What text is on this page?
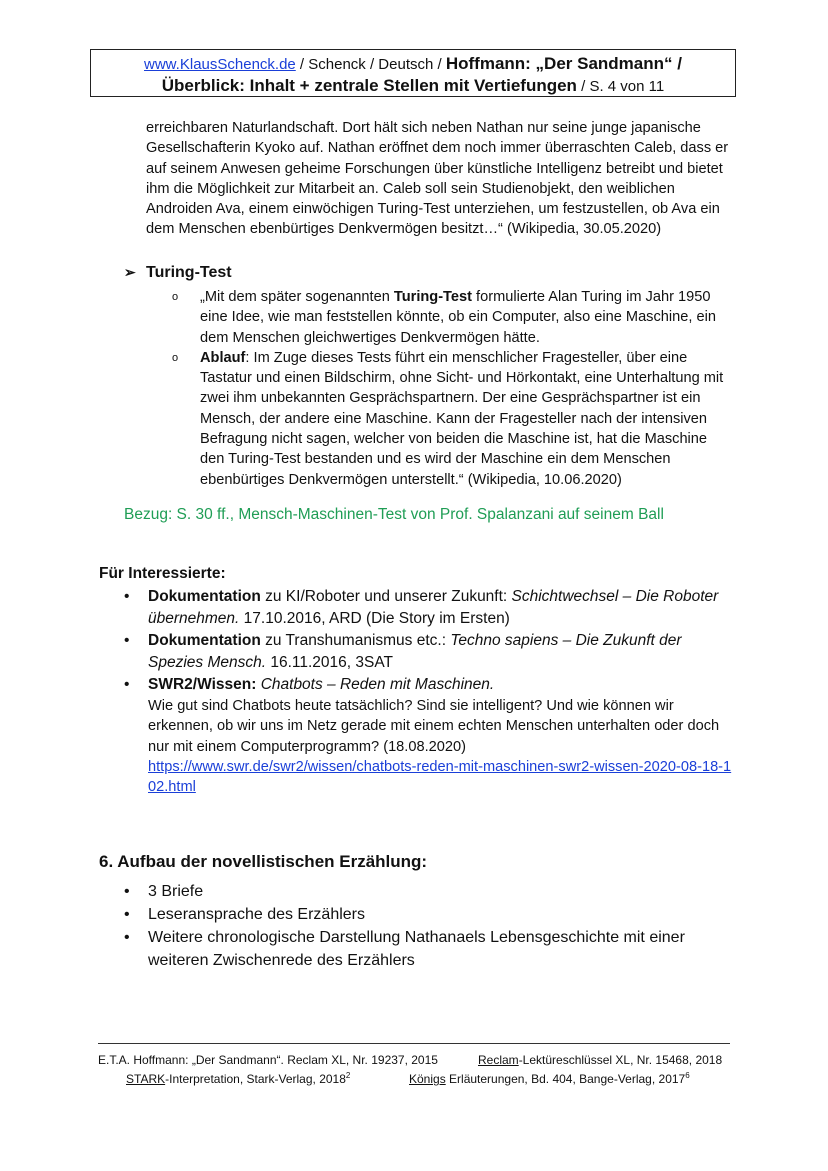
www.KlausSchenck.de / Schenck / Deutsch / Hoffmann: „Der Sandmann“ /
Überblick: Inhalt + zentrale Stellen mit Vertiefungen / S. 4 von 11
erreichbaren Naturlandschaft. Dort hält sich neben Nathan nur seine junge japanische Gesellschafterin Kyoko auf. Nathan eröffnet dem noch immer überraschten Caleb, dass er auf seinem Anwesen geheime Forschungen über künstliche Intelligenz betreibt und bietet ihm die Möglichkeit zur Mitarbeit an. Caleb soll sein Studienobjekt, den weiblichen Androiden Ava, einem einwöchigen Turing-Test unterziehen, um festzustellen, ob Ava ein dem Menschen ebenbürtiges Denkvermögen besitzt…“ (Wikipedia, 30.05.2020)
➢ Turing-Test
o „Mit dem später sogenannten Turing-Test formulierte Alan Turing im Jahr 1950 eine Idee, wie man feststellen könnte, ob ein Computer, also eine Maschine, ein dem Menschen gleichwertiges Denkvermögen hätte.
o Ablauf: Im Zuge dieses Tests führt ein menschlicher Fragesteller, über eine Tastatur und einen Bildschirm, ohne Sicht- und Hörkontakt, eine Unterhaltung mit zwei ihm unbekannten Gesprächspartnern. Der eine Gesprächspartner ist ein Mensch, der andere eine Maschine. Kann der Fragesteller nach der intensiven Befragung nicht sagen, welcher von beiden die Maschine ist, hat die Maschine den Turing-Test bestanden und es wird der Maschine ein dem Menschen ebenbürtiges Denkvermögen unterstellt.“ (Wikipedia, 10.06.2020)
Bezug: S. 30 ff., Mensch-Maschinen-Test von Prof. Spalanzani auf seinem Ball
Für Interessierte:
• Dokumentation zu KI/Roboter und unserer Zukunft: Schichtwechsel – Die Roboter übernehmen. 17.10.2016, ARD (Die Story im Ersten)
• Dokumentation zu Transhumanismus etc.: Techno sapiens – Die Zukunft der Spezies Mensch. 16.11.2016, 3SAT
• SWR2/Wissen: Chatbots – Reden mit Maschinen.
Wie gut sind Chatbots heute tatsächlich? Sind sie intelligent? Und wie können wir erkennen, ob wir uns im Netz gerade mit einem echten Menschen unterhalten oder doch nur mit einem Computerprogramm? (18.08.2020)
https://www.swr.de/swr2/wissen/chatbots-reden-mit-maschinen-swr2-wissen-2020-08-18-102.html
6. Aufbau der novellistischen Erzählung:
• 3 Briefe
• Leseransprache des Erzählers
• Weitere chronologische Darstellung Nathanaels Lebensgeschichte mit einer weiteren Zwischenrede des Erzählers
E.T.A. Hoffmann: „Der Sandmann“. Reclam XL, Nr. 19237, 2015	Reclam-Lektüreschlüssel XL, Nr. 15468, 2018
STARK-Interpretation, Stark-Verlag, 2018$^2$	Königs Erläuterungen, Bd. 404, Bange-Verlag, 2017$^6$
